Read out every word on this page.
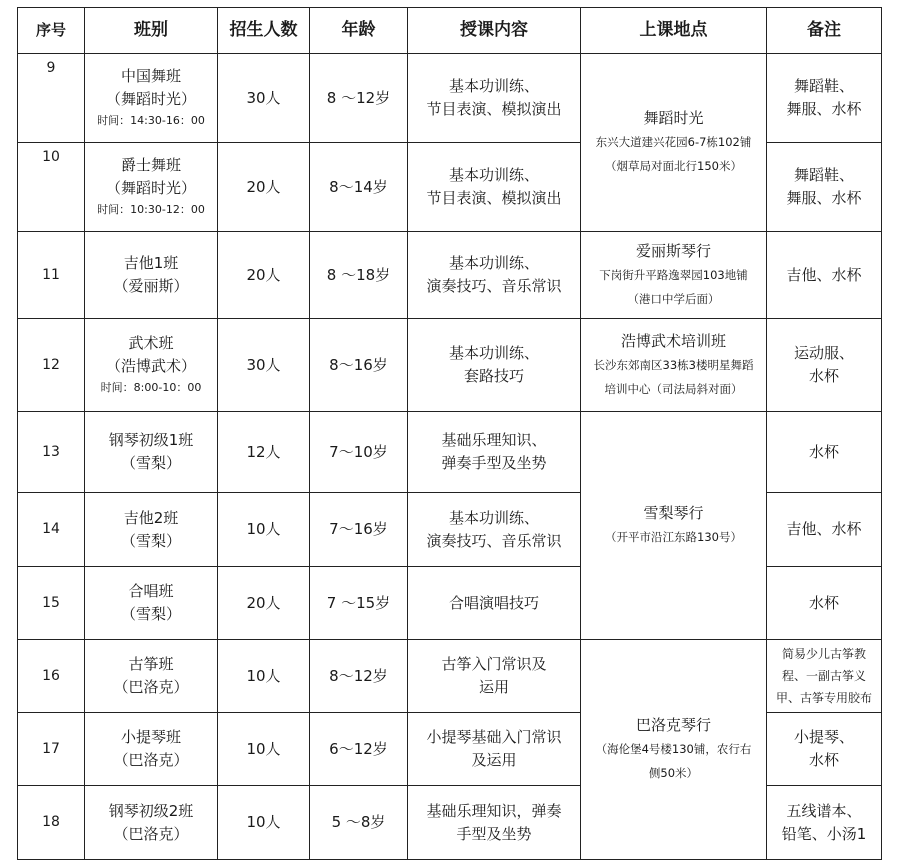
序号	班别	招生人数	年龄	授课内容	上课地点	备注
9	中国舞班
（舞蹈时光）
时间：14:30-16：00	30人	8 ～12岁	基本功训练、
节目表演、模拟演出	舞蹈时光
东兴大道建兴花园6-7栋102铺
（烟草局对面北行150米）	舞蹈鞋、
舞服、水杯

10	爵士舞班
（舞蹈时光）
时间：10:30-12：00	20人	8～14岁	基本功训练、
节目表演、模拟演出		舞蹈鞋、
舞服、水杯

11	吉他1班
（爱丽斯）	20人	8 ～18岁	基本功训练、
演奏技巧、音乐常识	爱丽斯琴行
下岗街升平路逸翠园103地铺
（港口中学后面）	吉他、水杯

12	武术班
（浩博武术）
时间：8:00-10：00	30人	8～16岁	基本功训练、
套路技巧	浩博武术培训班
长沙东郊南区33栋3楼明星舞蹈
培训中心（司法局斜对面）	运动服、
水杯

13	钢琴初级1班
（雪梨）	12人	7～10岁	基础乐理知识、
弹奏手型及坐势	雪梨琴行
（开平市沿江东路130号）	水杯

14	吉他2班
（雪梨）	10人	7～16岁	基本功训练、
演奏技巧、音乐常识		吉他、水杯

15	合唱班
（雪梨）	20人	7 ～15岁	合唱演唱技巧		水杯

16	古筝班
（巴洛克）	10人	8～12岁	古筝入门常识及
运用	巴洛克琴行
（海伦堡4号楼130铺，农行右
侧50米）	简易少儿古筝教
程、一副古筝义
甲、古筝专用胶布

17	小提琴班
（巴洛克）	10人	6～12岁	小提琴基础入门常识
及运用		小提琴、
水杯

18	钢琴初级2班
（巴洛克）	10人	5 ～8岁	基础乐理知识，弹奏
手型及坐势		五线谱本、
铅笔、小汤1
